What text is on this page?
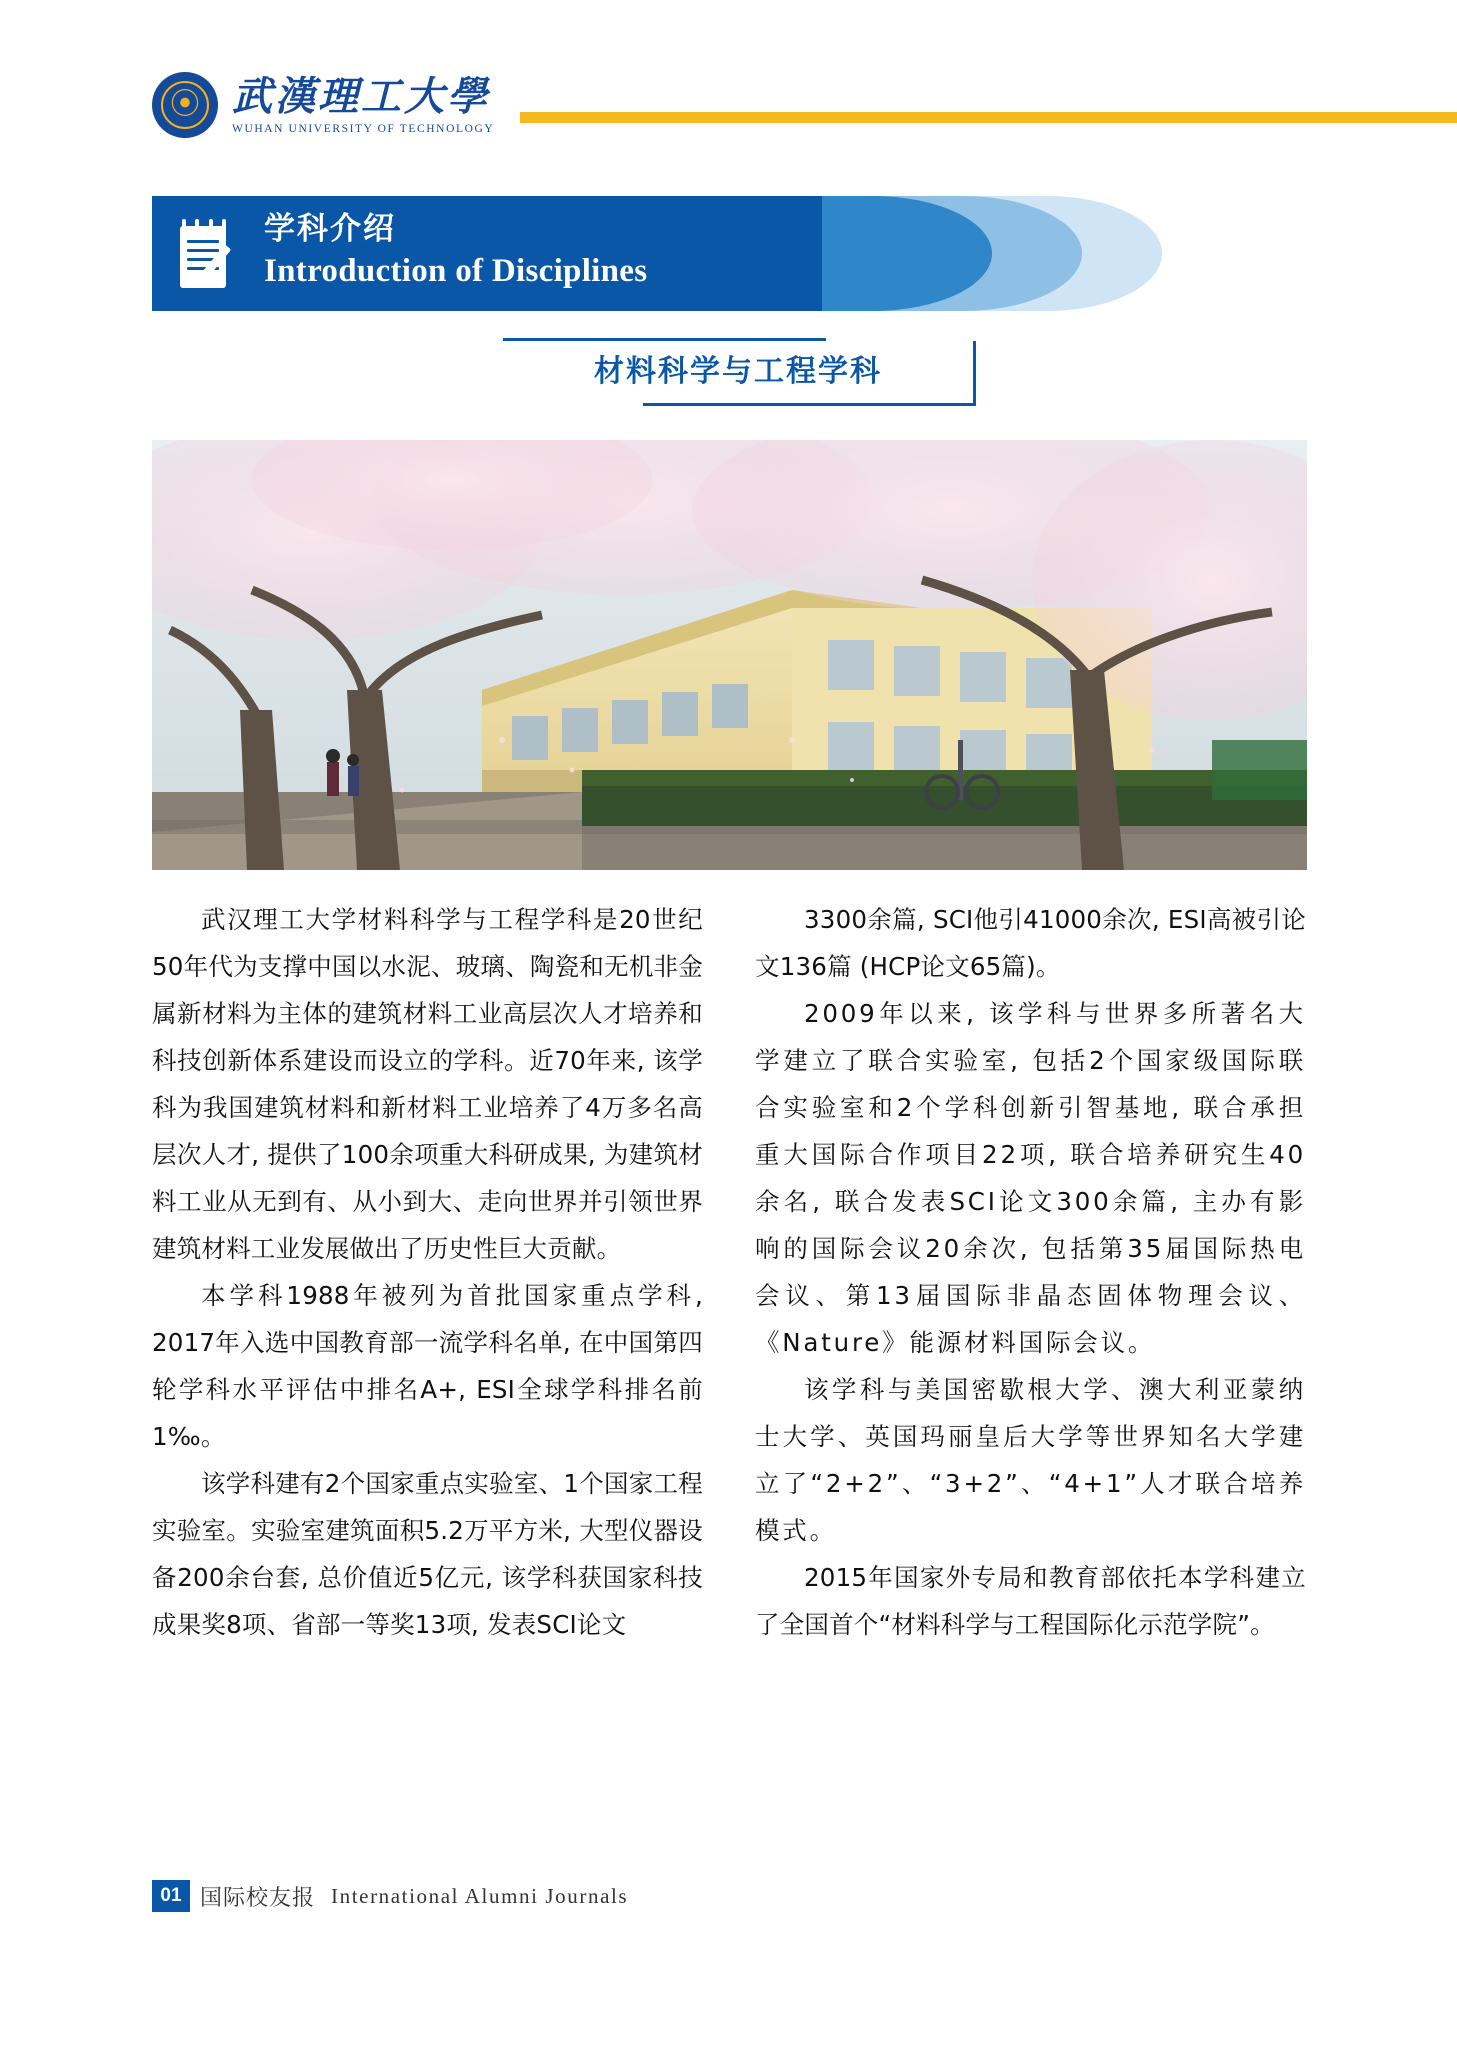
⦿ 武漢理工大學
WUHAN UNIVERSITY OF TECHNOLOGY
学科介绍
Introduction of Disciplines
材料科学与工程学科

武汉理工大学材料科学与工程学科是20世纪50年代为支撑中国以水泥、玻璃、陶瓷和无机非金属新材料为主体的建筑材料工业高层次人才培养和科技创新体系建设而设立的学科。近70年来, 该学科为我国建筑材料和新材料工业培养了4万多名高层次人才, 提供了100余项重大科研成果, 为建筑材料工业从无到有、从小到大、走向世界并引领世界建筑材料工业发展做出了历史性巨大贡献。

本学科1988年被列为首批国家重点学科, 2017年入选中国教育部一流学科名单, 在中国第四轮学科水平评估中排名A+, ESI全球学科排名前1‰。

该学科建有2个国家重点实验室、1个国家工程实验室。实验室建筑面积5.2万平方米, 大型仪器设备200余台套, 总价值近5亿元, 该学科获国家科技成果奖8项、省部一等奖13项, 发表SCI论文

3300余篇, SCI他引41000余次, ESI高被引论文136篇 (HCP论文65篇)。

2009年以来, 该学科与世界多所著名大学建立了联合实验室, 包括2个国家级国际联合实验室和2个学科创新引智基地, 联合承担重大国际合作项目22项, 联合培养研究生40余名, 联合发表SCI论文300余篇, 主办有影响的国际会议20余次, 包括第35届国际热电会议、第13届国际非晶态固体物理会议、《Nature》能源材料国际会议。

该学科与美国密歇根大学、澳大利亚蒙纳士大学、英国玛丽皇后大学等世界知名大学建立了“2+2”、“3+2”、“4+1”人才联合培养模式。

2015年国家外专局和教育部依托本学科建立了全国首个“材料科学与工程国际化示范学院”。

01 国际校友报 International Alumni Journals
